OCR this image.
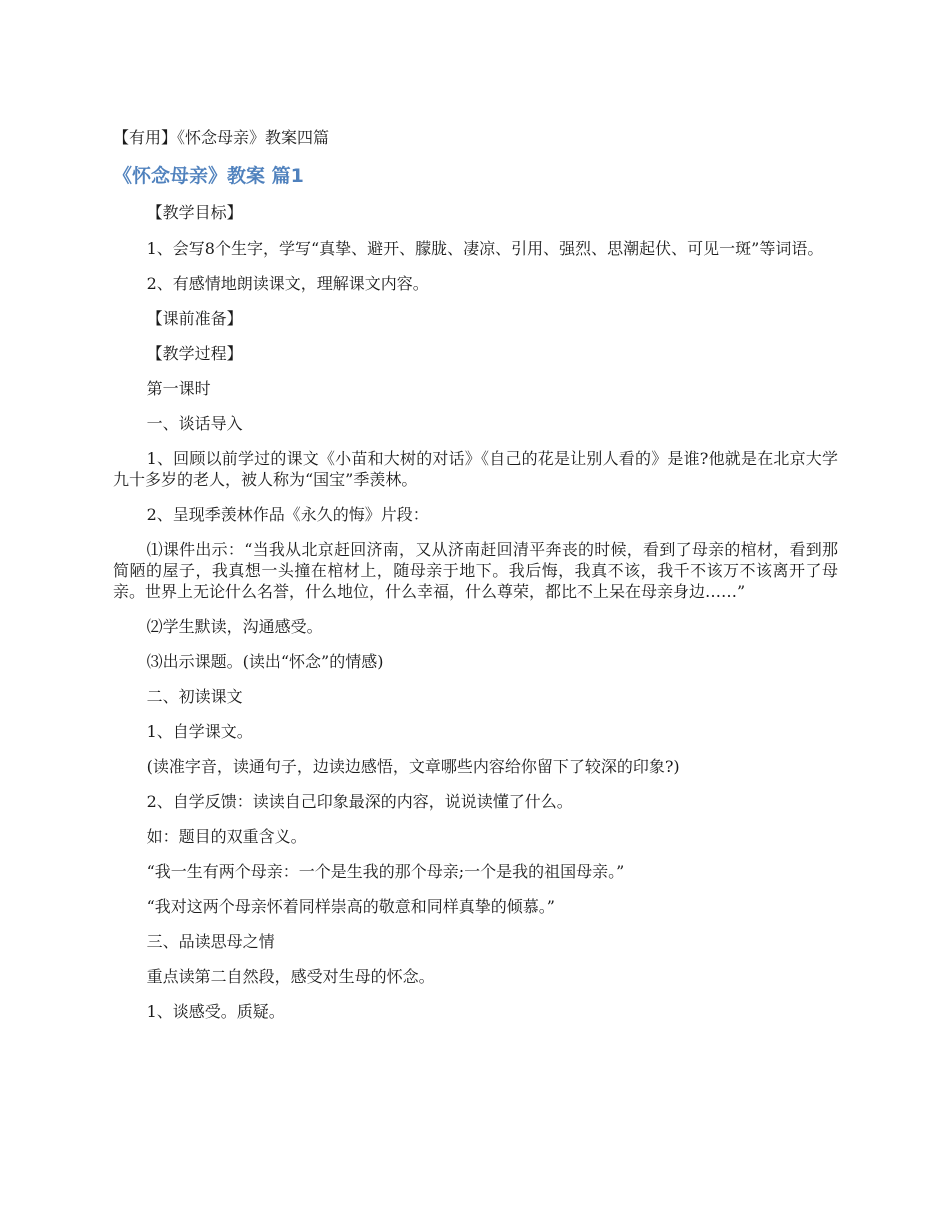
【有用】《怀念母亲》教案四篇
《怀念母亲》教案 篇1

【教学目标】

1、会写8个生字，学写“真挚、避开、朦胧、凄凉、引用、强烈、思潮起伏、可见一斑”等词语。

2、有感情地朗读课文，理解课文内容。

【课前准备】

【教学过程】

第一课时

一、谈话导入

1、回顾以前学过的课文《小苗和大树的对话》《自己的花是让别人看的》是谁?他就是在北京大学九十多岁的老人，被人称为“国宝”季羡林。

2、呈现季羡林作品《永久的悔》片段：

⑴课件出示：“当我从北京赶回济南，又从济南赶回清平奔丧的时候，看到了母亲的棺材，看到那简陋的屋子，我真想一头撞在棺材上，随母亲于地下。我后悔，我真不该，我千不该万不该离开了母亲。世界上无论什么名誉，什么地位，什么幸福，什么尊荣，都比不上呆在母亲身边……”

⑵学生默读，沟通感受。

⑶出示课题。(读出“怀念”的情感)

二、初读课文

1、自学课文。

(读准字音，读通句子，边读边感悟，文章哪些内容给你留下了较深的印象?)

2、自学反馈：读读自己印象最深的内容，说说读懂了什么。

如：题目的双重含义。

“我一生有两个母亲：一个是生我的那个母亲;一个是我的祖国母亲。”

“我对这两个母亲怀着同样崇高的敬意和同样真挚的倾慕。”

三、品读思母之情

重点读第二自然段，感受对生母的怀念。

1、谈感受。质疑。
